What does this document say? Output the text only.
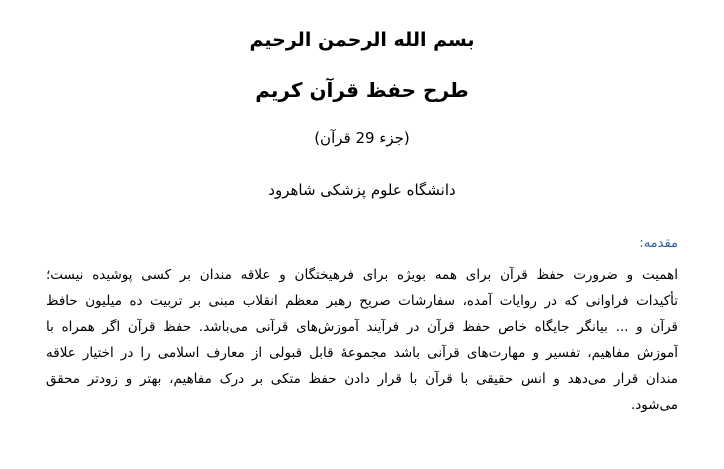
بسم الله الرحمن الرحيم
طرح حفظ قرآن کریم
(جزء 29 قرآن)
دانشگاه علوم پزشکی شاهرود
مقدمه:
اهمیت و ضرورت حفظ قرآن برای همه بویژه برای فرهیختگان و علاقه مندان بر کسی پوشیده نیست؛
تأکیدات فراوانی که در روایات آمده، سفارشات صریح رهبر معظم انقلاب مبنی بر تربیت ده میلیون حافظ
قرآن و ... بیانگر جایگاه خاص حفظ قرآن در فرآیند آموزش‌های قرآنی می‌باشد. حفظ قرآن اگر همراه با
آموزش مفاهیم، تفسیر و مهارت‌های قرآنی باشد مجموعهٔ قابل قبولی از معارف اسلامی را در اختیار علاقه
مندان قرار می‌دهد و انس حقیقی با قرآن با قرار دادن حفظ متکی بر درک مفاهیم، بهتر و زودتر محقق
می‌شود.
